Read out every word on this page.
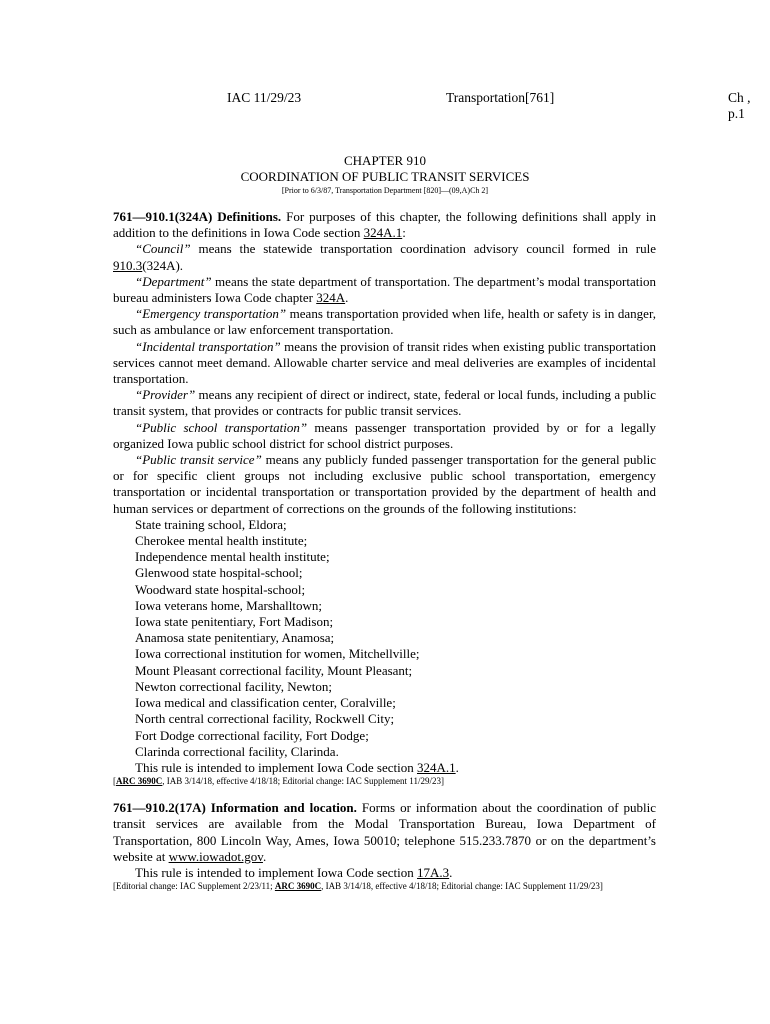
IAC 11/29/23	Transportation[761]	Ch , p.1
CHAPTER 910
COORDINATION OF PUBLIC TRANSIT SERVICES
[Prior to 6/3/87, Transportation Department [820]—(09,A)Ch 2]

761—910.1(324A) Definitions. For purposes of this chapter, the following definitions shall apply in addition to the definitions in Iowa Code section 324A.1:

“Council” means the statewide transportation coordination advisory council formed in rule 910.3(324A).

“Department” means the state department of transportation. The department’s modal transportation bureau administers Iowa Code chapter 324A.

“Emergency transportation” means transportation provided when life, health or safety is in danger, such as ambulance or law enforcement transportation.

“Incidental transportation” means the provision of transit rides when existing public transportation services cannot meet demand. Allowable charter service and meal deliveries are examples of incidental transportation.

“Provider” means any recipient of direct or indirect, state, federal or local funds, including a public transit system, that provides or contracts for public transit services.

“Public school transportation” means passenger transportation provided by or for a legally organized Iowa public school district for school district purposes.

“Public transit service” means any publicly funded passenger transportation for the general public or for specific client groups not including exclusive public school transportation, emergency transportation or incidental transportation or transportation provided by the department of health and human services or department of corrections on the grounds of the following institutions:

State training school, Eldora;

Cherokee mental health institute;

Independence mental health institute;

Glenwood state hospital-school;

Woodward state hospital-school;

Iowa veterans home, Marshalltown;

Iowa state penitentiary, Fort Madison;

Anamosa state penitentiary, Anamosa;

Iowa correctional institution for women, Mitchellville;

Mount Pleasant correctional facility, Mount Pleasant;

Newton correctional facility, Newton;

Iowa medical and classification center, Coralville;

North central correctional facility, Rockwell City;

Fort Dodge correctional facility, Fort Dodge;

Clarinda correctional facility, Clarinda.

This rule is intended to implement Iowa Code section 324A.1.

[ARC 3690C, IAB 3/14/18, effective 4/18/18; Editorial change: IAC Supplement 11/29/23]

761—910.2(17A) Information and location. Forms or information about the coordination of public transit services are available from the Modal Transportation Bureau, Iowa Department of Transportation, 800 Lincoln Way, Ames, Iowa 50010; telephone 515.233.7870 or on the department’s website at www.iowadot.gov.

This rule is intended to implement Iowa Code section 17A.3.

[Editorial change: IAC Supplement 2/23/11; ARC 3690C, IAB 3/14/18, effective 4/18/18; Editorial change: IAC Supplement 11/29/23]
